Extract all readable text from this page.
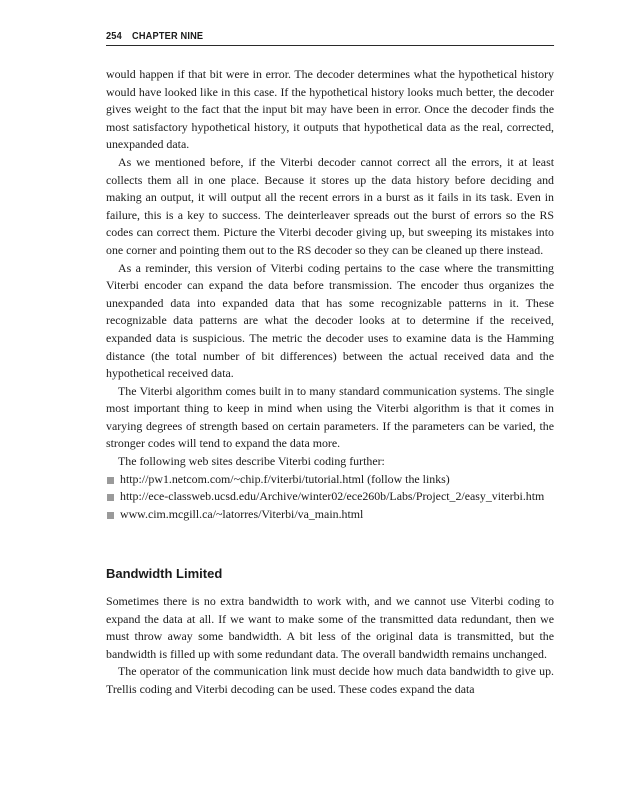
254 CHAPTER NINE

would happen if that bit were in error. The decoder determines what the hypothetical history would have looked like in this case. If the hypothetical history looks much better, the decoder gives weight to the fact that the input bit may have been in error. Once the decoder finds the most satisfactory hypothetical history, it outputs that hypothetical data as the real, corrected, unexpanded data.

As we mentioned before, if the Viterbi decoder cannot correct all the errors, it at least collects them all in one place. Because it stores up the data history before deciding and making an output, it will output all the recent errors in a burst as it fails in its task. Even in failure, this is a key to success. The deinterleaver spreads out the burst of errors so the RS codes can correct them. Picture the Viterbi decoder giving up, but sweeping its mistakes into one corner and pointing them out to the RS decoder so they can be cleaned up there instead.

As a reminder, this version of Viterbi coding pertains to the case where the transmitting Viterbi encoder can expand the data before transmission. The encoder thus organizes the unexpanded data into expanded data that has some recognizable patterns in it. These recognizable data patterns are what the decoder looks at to determine if the received, expanded data is suspicious. The metric the decoder uses to examine data is the Hamming distance (the total number of bit differences) between the actual received data and the hypothetical received data.

The Viterbi algorithm comes built in to many standard communication systems. The single most important thing to keep in mind when using the Viterbi algorithm is that it comes in varying degrees of strength based on certain parameters. If the parameters can be varied, the stronger codes will tend to expand the data more.

The following web sites describe Viterbi coding further:

http://pw1.netcom.com/~chip.f/viterbi/tutorial.html (follow the links)
http://ece-classweb.ucsd.edu/Archive/winter02/ece260b/Labs/Project_2/easy_viterbi.htm
www.cim.mcgill.ca/~latorres/Viterbi/va_main.html
Bandwidth Limited

Sometimes there is no extra bandwidth to work with, and we cannot use Viterbi coding to expand the data at all. If we want to make some of the transmitted data redundant, then we must throw away some bandwidth. A bit less of the original data is transmitted, but the bandwidth is filled up with some redundant data. The overall bandwidth remains unchanged.

The operator of the communication link must decide how much data bandwidth to give up. Trellis coding and Viterbi decoding can be used. These codes expand the data
